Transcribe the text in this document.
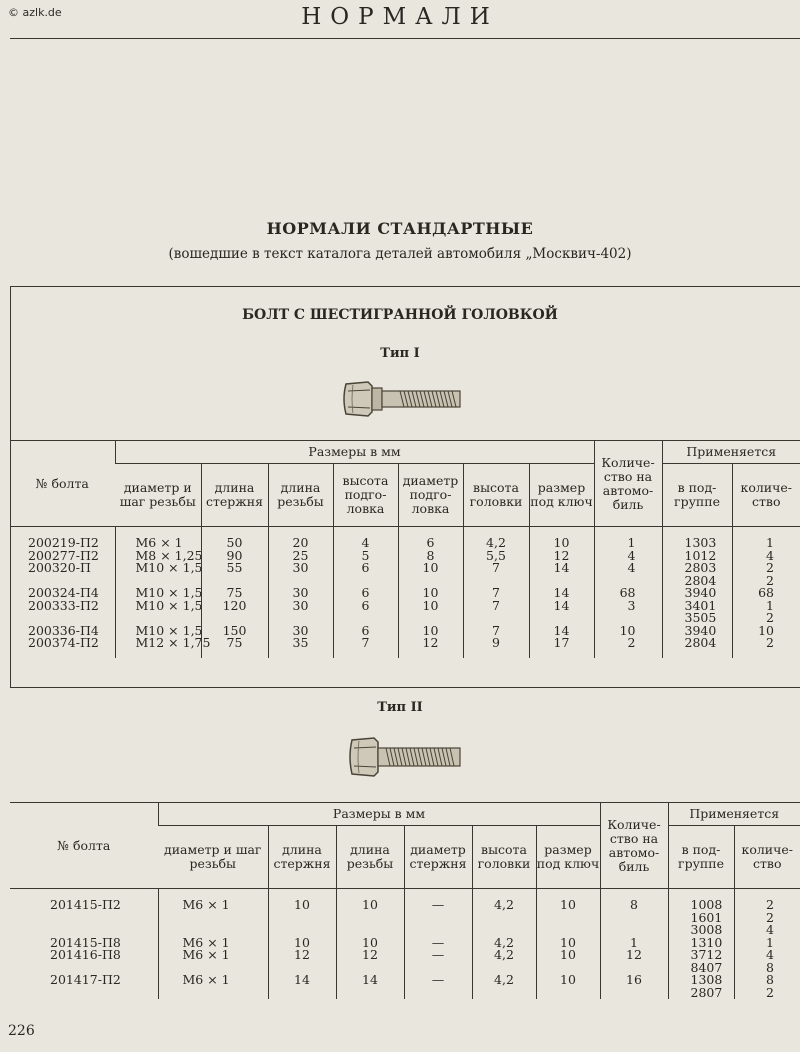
© azlk.de	НОРМАЛИ
НОРМАЛИ СТАНДАРТНЫЕ
(вошедшие в текст каталога деталей автомобиля „Москвич-402)
БОЛТ С ШЕСТИГРАННОЙ ГОЛОВКОЙ
Тип I
№ болта	Размеры в мм							Количе- ство на автомо- биль	Применяется	
	диаметр и шаг резьбы	длина стержня	длина резьбы	высота подго- ловка	диаметр подго- ловка	высота головки	размер под ключ		в под- группе	количе- ство

200219-П2	М6 × 1	50	20	4	6	4,2	10	1	1303	1
200277-П2	М8 × 1,25	90	25	5	8	5,5	12	4	1012	4
200320-П	М10 × 1,5	55	30	6	10	7	14	4	2803	2
									2804	2
200324-П4	М10 × 1,5	75	30	6	10	7	14	68	3940	68
200333-П2	М10 × 1,5	120	30	6	10	7	14	3	3401	1
									3505	2
200336-П4	М10 × 1,5	150	30	6	10	7	14	10	3940	10
200374-П2	М12 × 1,75	75	35	7	12	9	17	2	2804	2

Тип II
№ болта	Размеры в мм						Количе- ство на автомо- биль	Применяется	
	диаметр и шаг резьбы	длина стержня	длина резьбы	диаметр стержня	высота головки	размер под ключ		в под- группе	количе- ство

201415-П2	М6 × 1	10	10	—	4,2	10	8	1008	2
								1601	2
								3008	4
201415-П8	М6 × 1	10	10	—	4,2	10	1	1310	1
201416-П8	М6 × 1	12	12	—	4,2	10	12	3712	4
								8407	8
201417-П2	М6 × 1	14	14	—	4,2	10	16	1308	8
								2807	2
226
